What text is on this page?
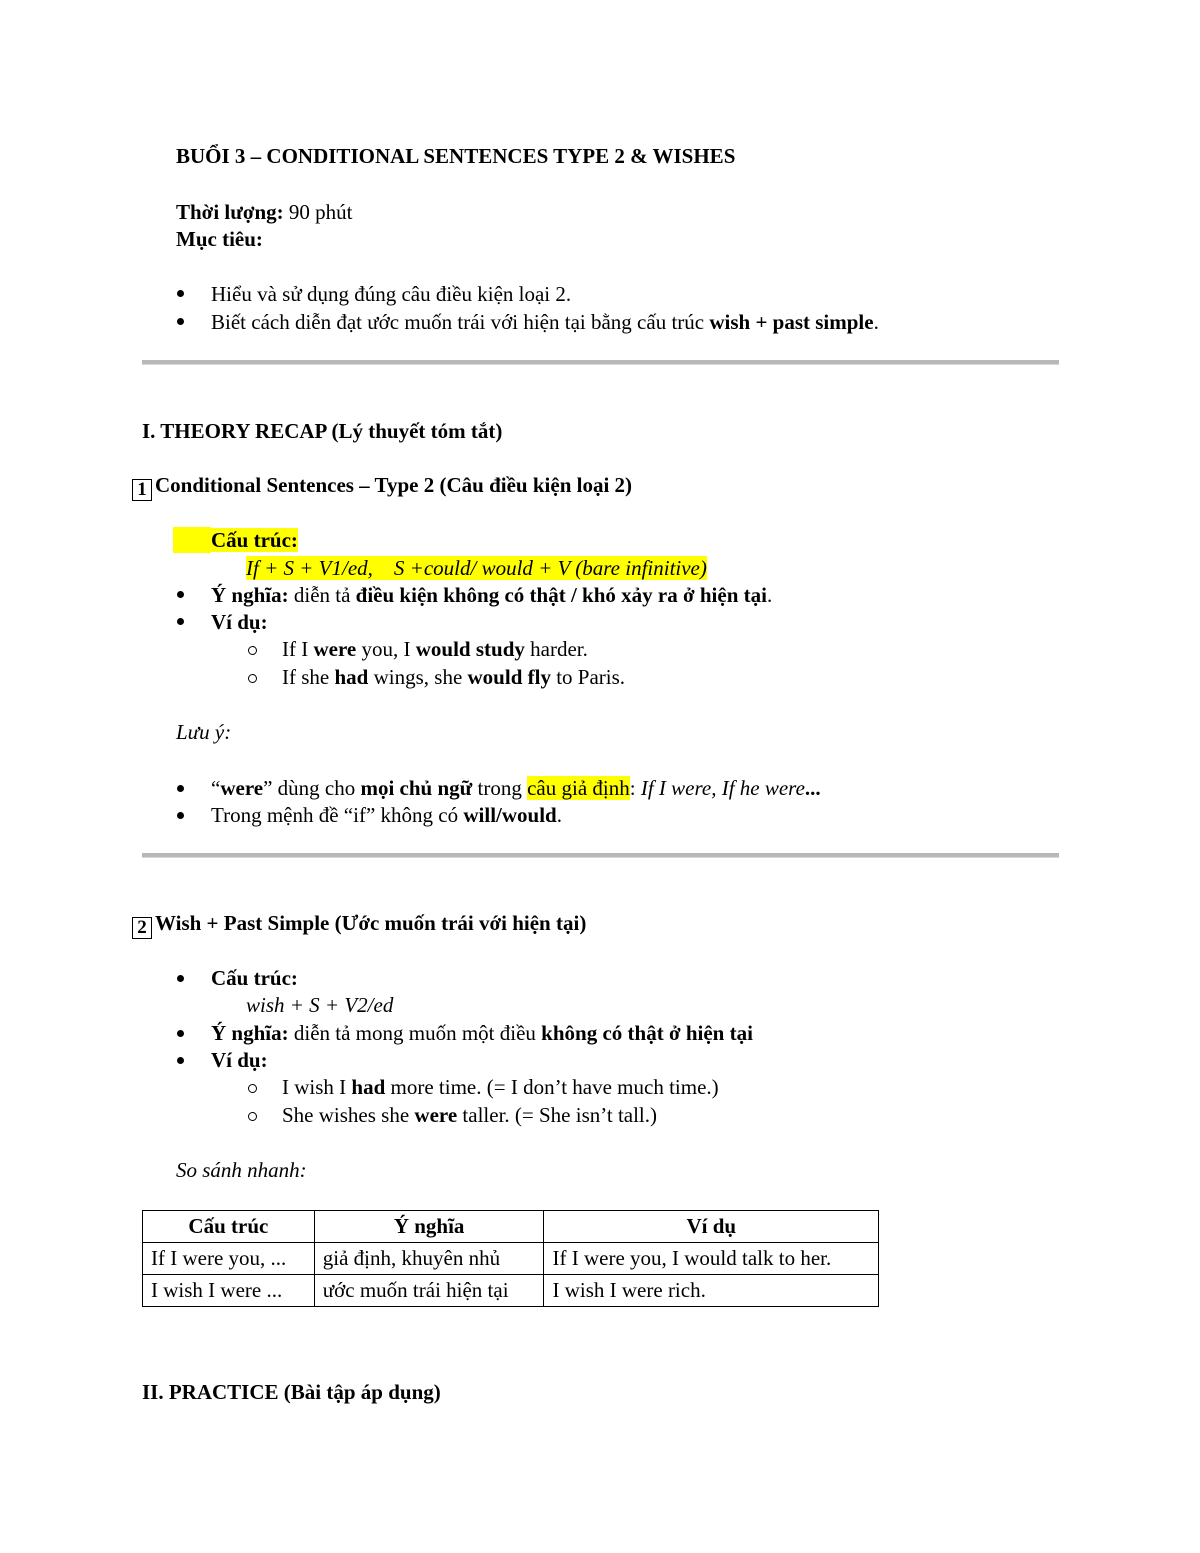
BUỔI 3 – CONDITIONAL SENTENCES TYPE 2 & WISHES
Thời lượng: 90 phút
Mục tiêu:
Hiểu và sử dụng đúng câu điều kiện loại 2.
Biết cách diễn đạt ước muốn trái với hiện tại bằng cấu trúc wish + past simple.
I. THEORY RECAP (Lý thuyết tóm tắt)
1 Conditional Sentences – Type 2 (Câu điều kiện loại 2)
Cấu trúc:
If + S + V1/ed,    S +could/ would + V (bare infinitive)
Ý nghĩa: diễn tả điều kiện không có thật / khó xảy ra ở hiện tại.
Ví dụ:
If I were you, I would study harder.
If she had wings, she would fly to Paris.
Lưu ý:
“were” dùng cho mọi chủ ngữ trong câu giả định: If I were, If he were...
Trong mệnh đề “if” không có will/would.
2 Wish + Past Simple (Ước muốn trái với hiện tại)
Cấu trúc:
wish + S + V2/ed
Ý nghĩa: diễn tả mong muốn một điều không có thật ở hiện tại
Ví dụ:
I wish I had more time. (= I don’t have much time.)
She wishes she were taller. (= She isn’t tall.)
So sánh nhanh:
Cấu trúc	Ý nghĩa	Ví dụ
If I were you, ...	giả định, khuyên nhủ	If I were you, I would talk to her.
I wish I were ...	ước muốn trái hiện tại	I wish I were rich.
II. PRACTICE (Bài tập áp dụng)
